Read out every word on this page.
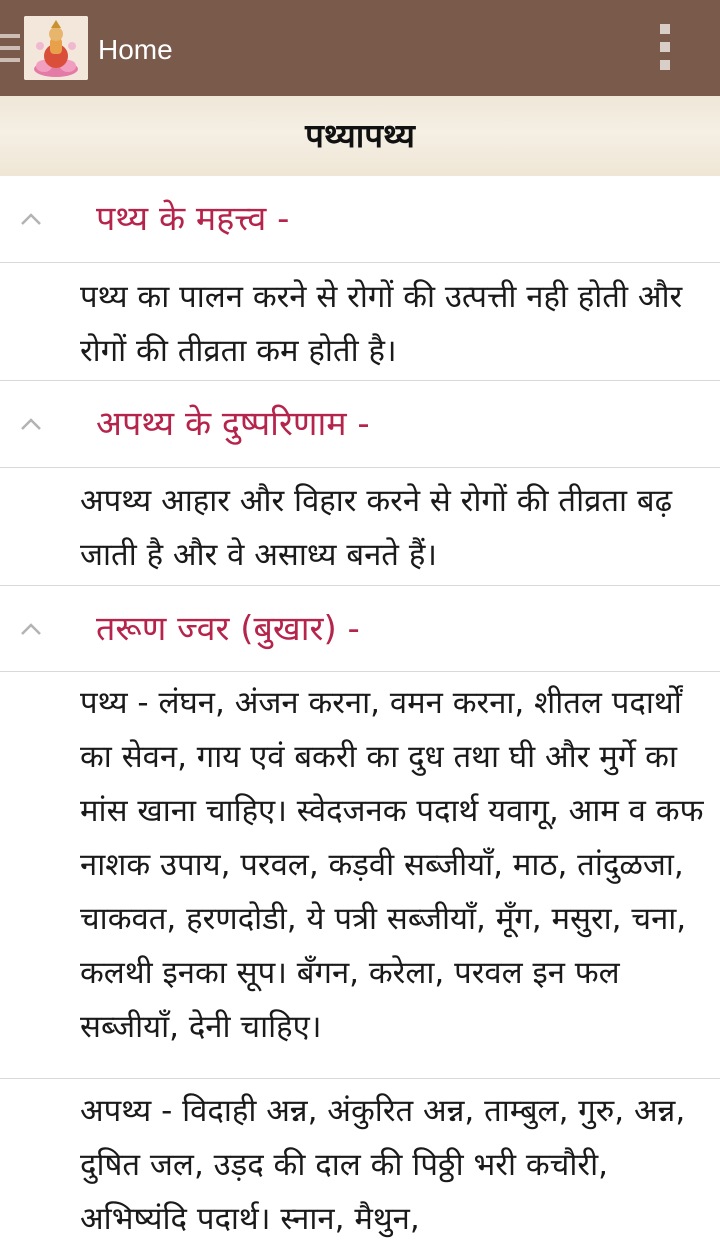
Home
पथ्यापथ्य
पथ्य के महत्त्व -
पथ्य का पालन करने से रोगों की उत्पत्ती नही होती और रोगों की तीव्रता कम होती है।
अपथ्य के दुष्परिणाम -
अपथ्य आहार और विहार करने से रोगों की तीव्रता बढ़ जाती है और वे असाध्य बनते हैं।
तरूण ज्वर (बुखार) -
पथ्य - लंघन, अंजन करना, वमन करना, शीतल पदार्थों का सेवन, गाय एवं बकरी का दुध तथा घी और मुर्गे का मांस खाना चाहिए। स्वेदजनक पदार्थ यवागू, आम व कफ नाशक उपाय, परवल, कड़वी सब्जीयाँ, माठ, तांदुळजा, चाकवत, हरणदोडी, ये पत्री सब्जीयाँ, मूँग, मसुरा, चना, कलथी इनका सूप। बँगन, करेला, परवल इन फल सब्जीयाँ, देनी चाहिए।
अपथ्य - विदाही अन्न, अंकुरित अन्न, ताम्बुल, गुरु, अन्न, दुषित जल, उड़द की दाल की पिठ्ठी भरी कचौरी, अभिष्यंदि पदार्थ। स्नान, मैथुन,
